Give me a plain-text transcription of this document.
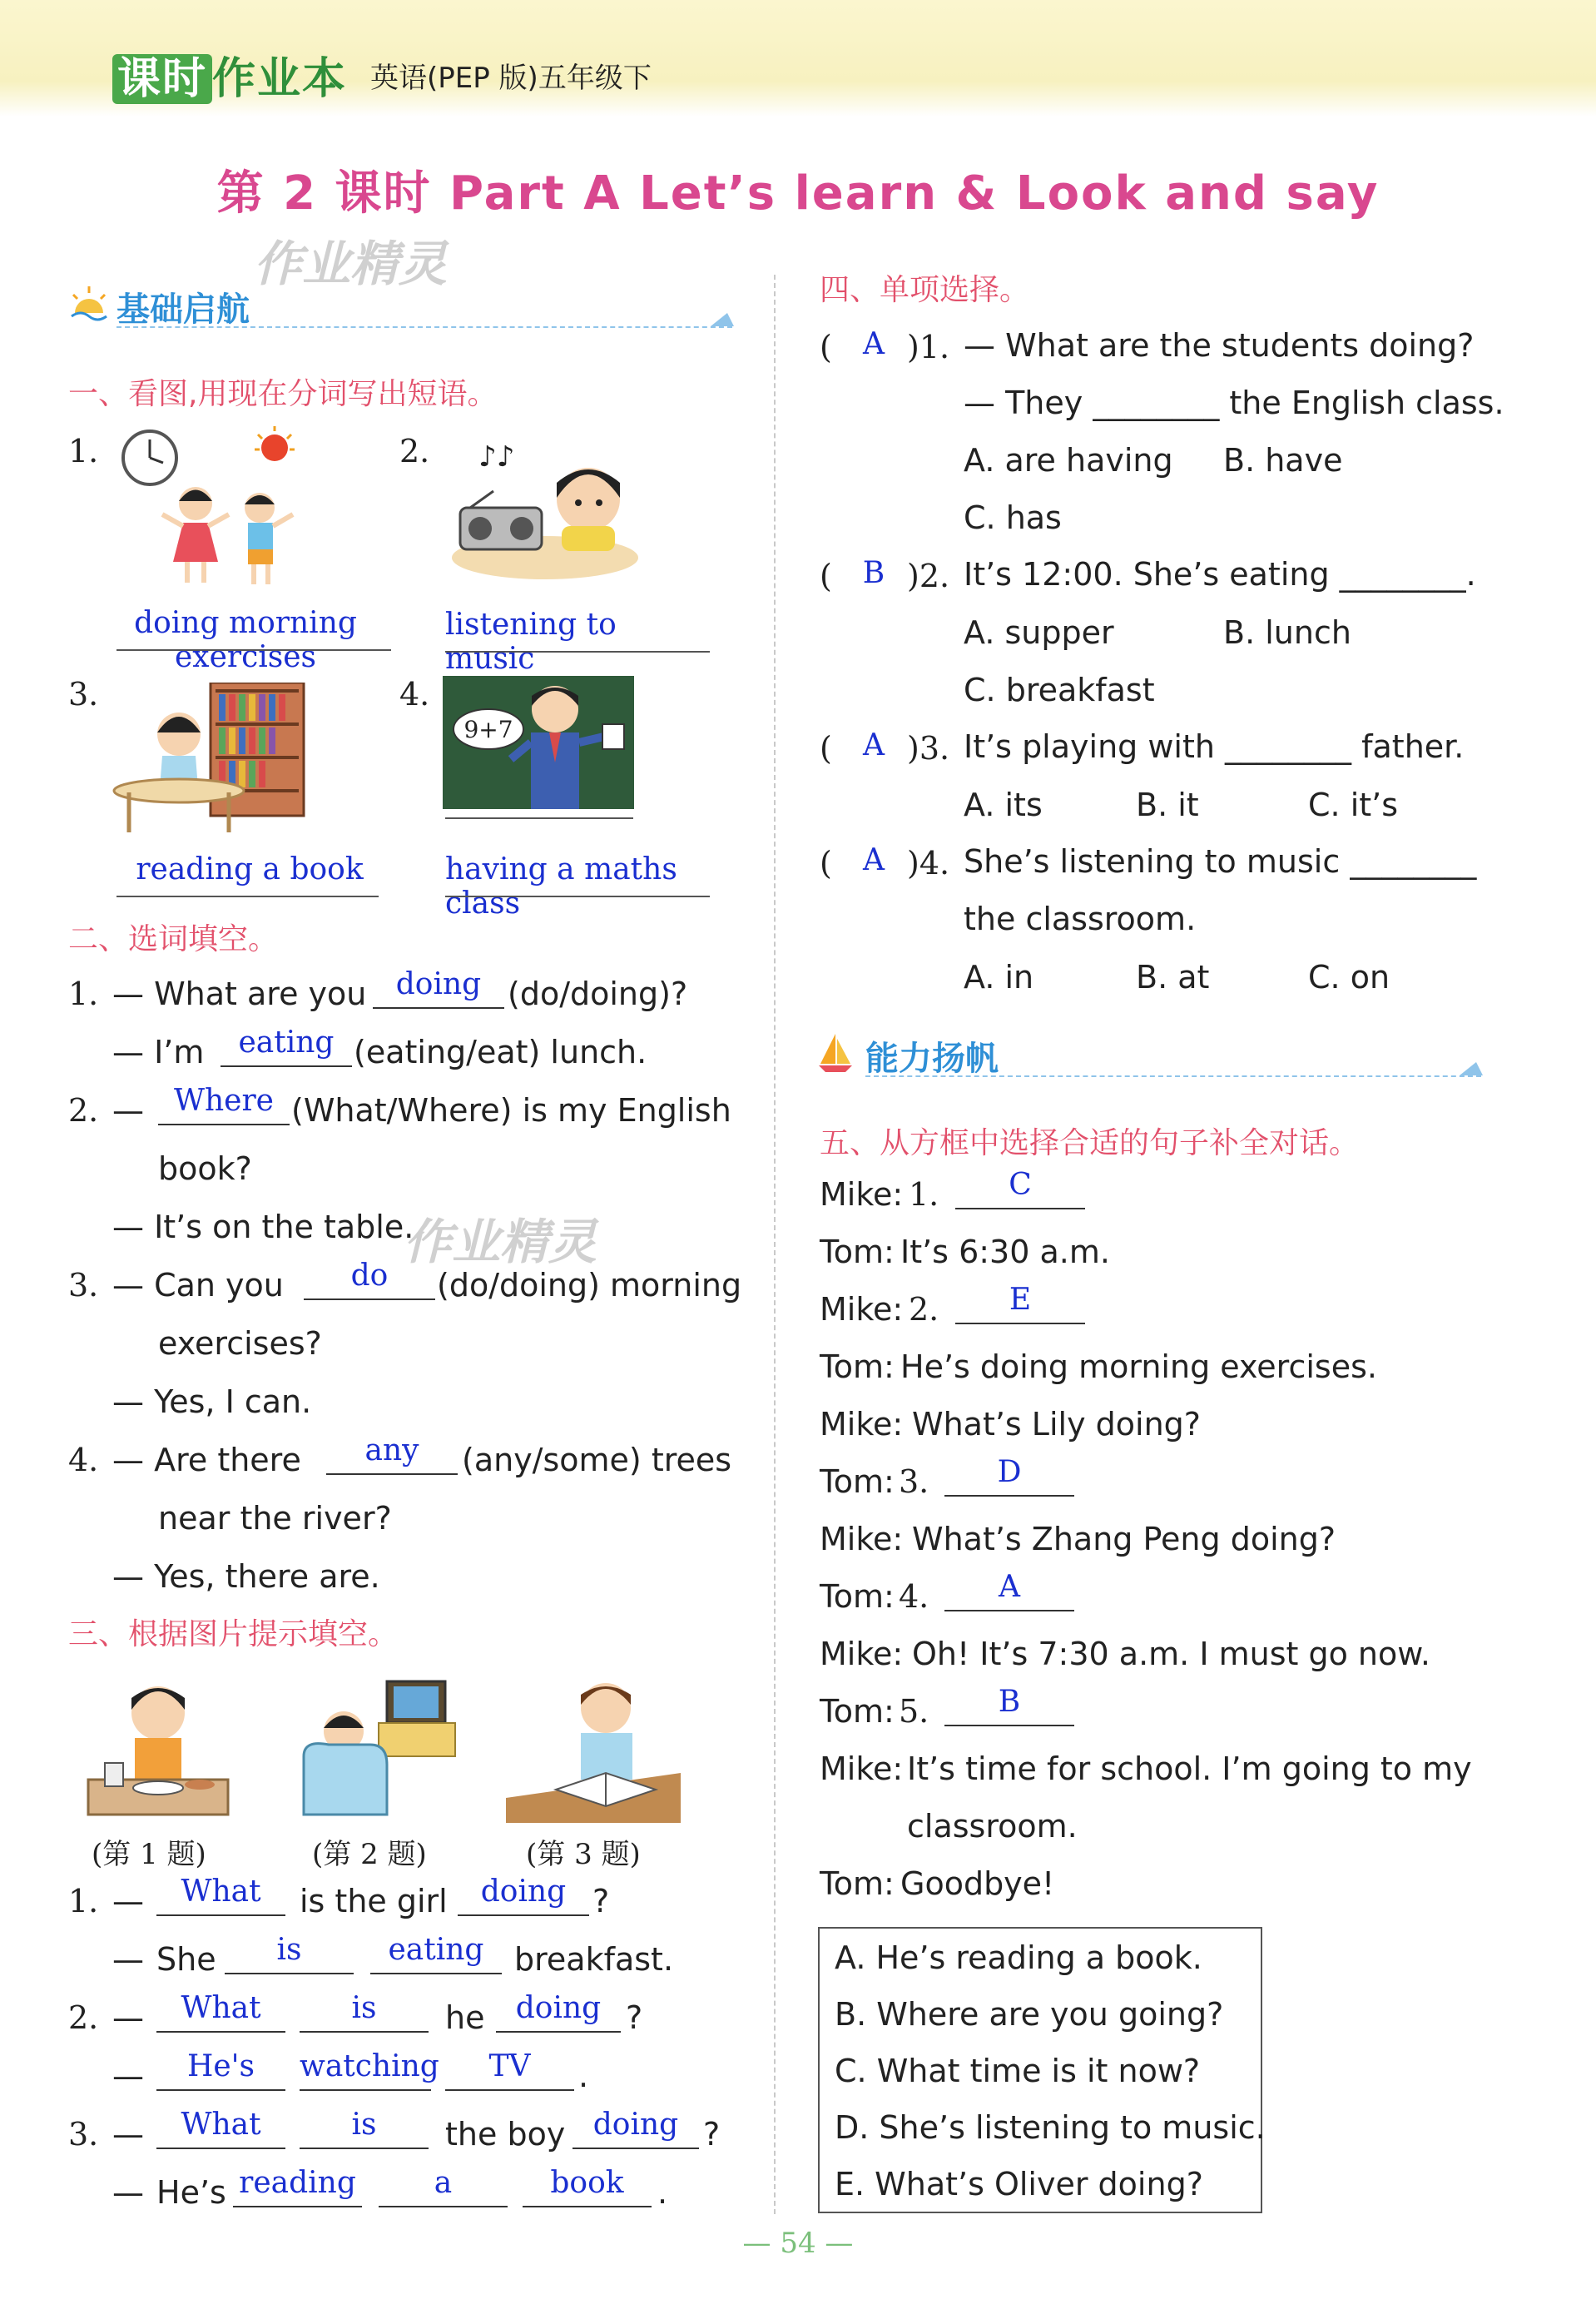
课时 作业本 英语(PEP 版)五年级下
第 2 课时 Part A Let’s learn & Look and say
作业精灵
作业精灵
基础启航
一、看图,用现在分词写出短语。
1.	2. ♪♪
doing morning exercises
listening to music
3.	4.
9+7
reading a book	having a maths class
二、选词填空。
1. — What are you doing (do/doing)?
— I’m	eating (eating/eat) lunch.
2. — Where (What/Where) is my English
book?
— It’s on the table.
3. — Can you	do	(do/doing) morning
exercises?
— Yes, I can.
4. — Are there	any	(any/some) trees
near the river?
— Yes, there are.
三、根据图片提示填空。
(第 1 题)	(第 2 题)	(第 3 题)
1. —	What	is the girl	doing ?
— She	is	eating breakfast.
2. —	What	is	he	doing ?
—	He's	watching	TV	.
3. —	What	is	the boy doing ?
— He’s reading	a	book	.
四、单项选择。
(	A )1. — What are the students doing?
— They ________ the English class.
A. are having B. have
C. has
(	B )2. It’s 12:00. She’s eating ________.
A. supper	B. lunch
C. breakfast
(	A )3. It’s playing with ________ father.
A. its	B. it	C. it’s
(	A )4. She’s listening to music ________
the classroom.
A. in	B. at	C. on
能力扬帆
五、从方框中选择合适的句子补全对话。
Mike: 1.	C
Tom: It’s 6:30 a.m.
Mike: 2.	E
Tom: He’s doing morning exercises.
Mike: What’s Lily doing?
Tom: 3.	D
Mike: What’s Zhang Peng doing?
Tom: 4.	A
Mike: Oh! It’s 7:30 a.m. I must go now.
Tom: 5.	B
Mike: It’s time for school. I’m going to my
classroom.
Tom: Goodbye!
A. He’s reading a book.
B. Where are you going?
C. What time is it now?
D. She’s listening to music.
E. What’s Oliver doing?
— 54 —
